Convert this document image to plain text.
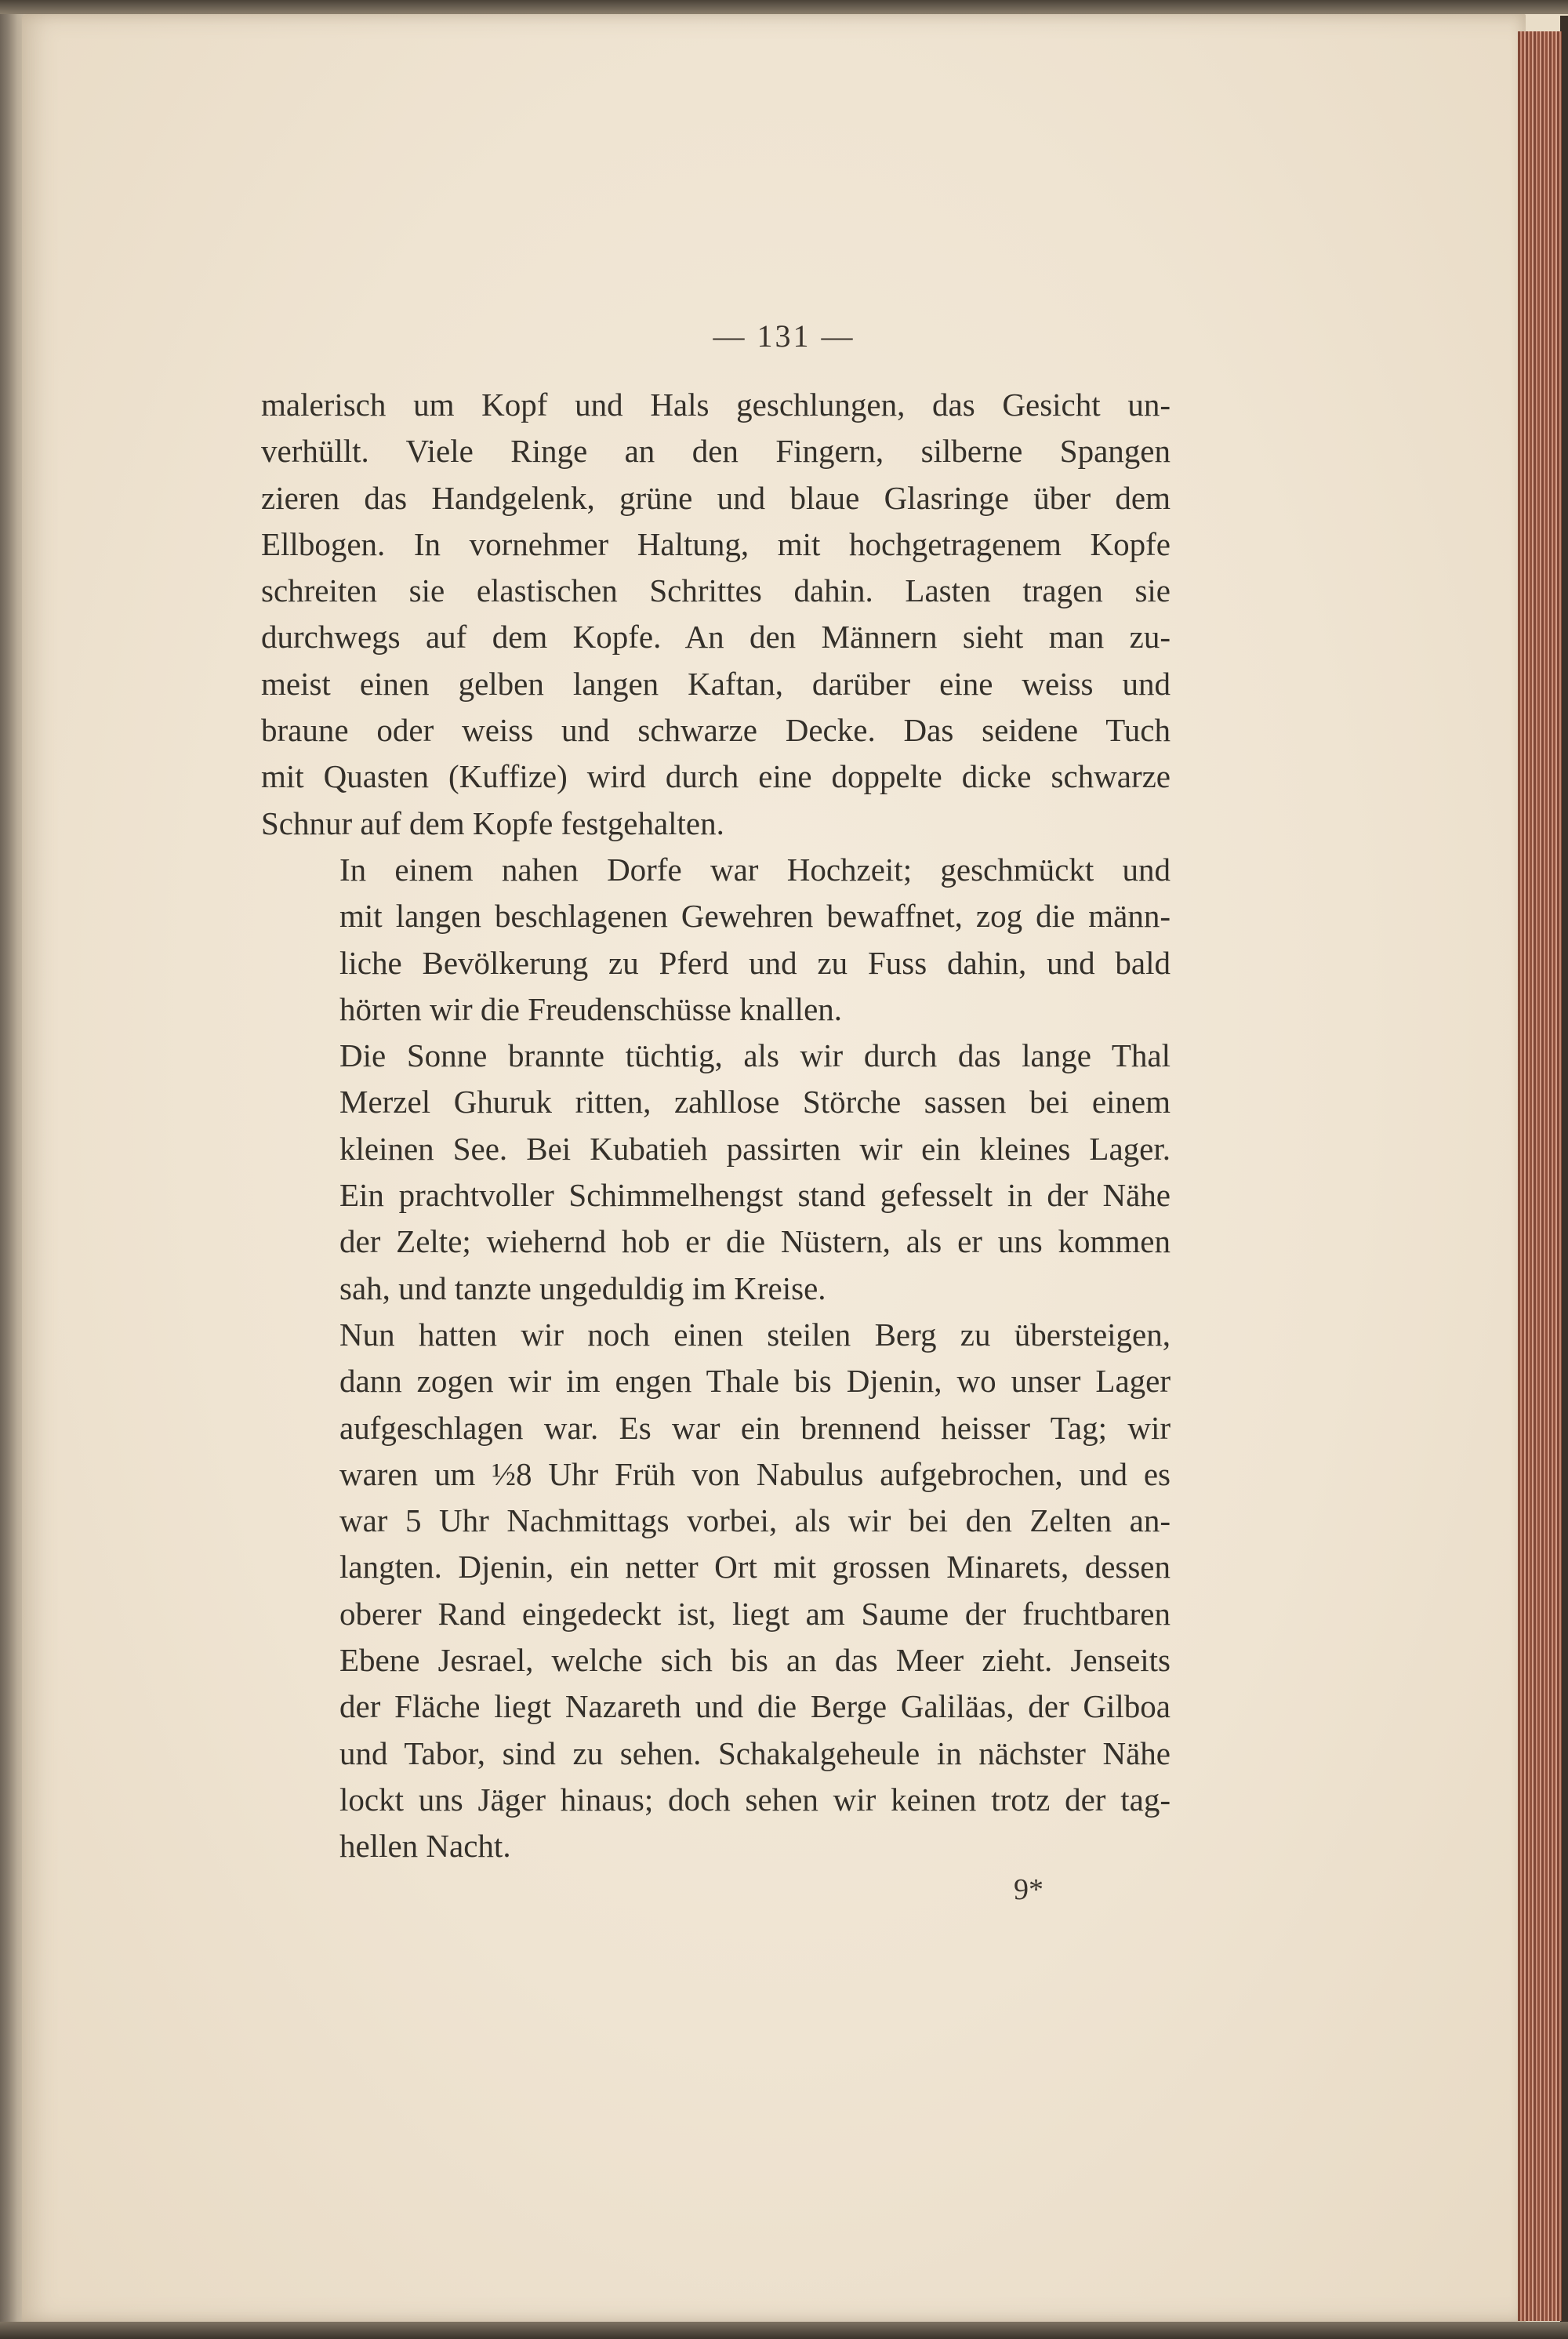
— 131 —
malerisch um Kopf und Hals geschlungen, das Gesicht un-
verhüllt. Viele Ringe an den Fingern, silberne Spangen
zieren das Handgelenk, grüne und blaue Glasringe über dem
Ellbogen. In vornehmer Haltung, mit hochgetragenem Kopfe
schreiten sie elastischen Schrittes dahin. Lasten tragen sie
durchwegs auf dem Kopfe. An den Männern sieht man zu-
meist einen gelben langen Kaftan, darüber eine weiss und
braune oder weiss und schwarze Decke. Das seidene Tuch
mit Quasten (Kuffize) wird durch eine doppelte dicke schwarze
Schnur auf dem Kopfe festgehalten.
In einem nahen Dorfe war Hochzeit; geschmückt und
mit langen beschlagenen Gewehren bewaffnet, zog die männ-
liche Bevölkerung zu Pferd und zu Fuss dahin, und bald
hörten wir die Freudenschüsse knallen.
Die Sonne brannte tüchtig, als wir durch das lange Thal
Merzel Ghuruk ritten, zahllose Störche sassen bei einem
kleinen See. Bei Kubatieh passirten wir ein kleines Lager.
Ein prachtvoller Schimmelhengst stand gefesselt in der Nähe
der Zelte; wiehernd hob er die Nüstern, als er uns kommen
sah, und tanzte ungeduldig im Kreise.
Nun hatten wir noch einen steilen Berg zu übersteigen,
dann zogen wir im engen Thale bis Djenin, wo unser Lager
aufgeschlagen war. Es war ein brennend heisser Tag; wir
waren um ½8 Uhr Früh von Nabulus aufgebrochen, und es
war 5 Uhr Nachmittags vorbei, als wir bei den Zelten an-
langten. Djenin, ein netter Ort mit grossen Minarets, dessen
oberer Rand eingedeckt ist, liegt am Saume der fruchtbaren
Ebene Jesrael, welche sich bis an das Meer zieht. Jenseits
der Fläche liegt Nazareth und die Berge Galiläas, der Gilboa
und Tabor, sind zu sehen. Schakalgeheule in nächster Nähe
lockt uns Jäger hinaus; doch sehen wir keinen trotz der tag-
hellen Nacht.
9*
